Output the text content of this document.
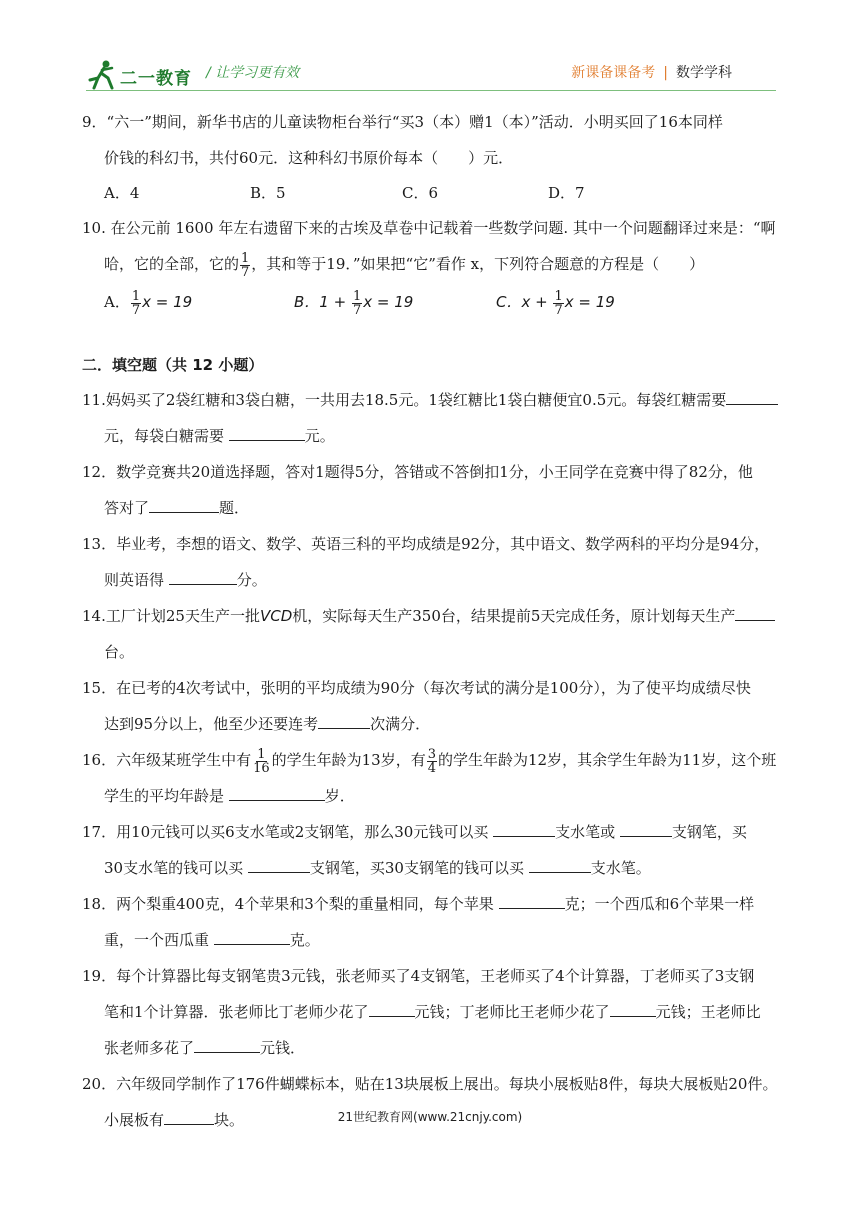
二一教育 / 让学习更有效	新课备课备考 | 数学学科
9．“六一”期间，新华书店的儿童读物柜台举行“买3（本）赠1（本）”活动．小明买回了16本同样
价钱的科幻书，共付60元．这种科幻书原价每本（　　）元．
A．4	B．5	C．6	D．7
10. 在公元前 1600 年左右遗留下来的古埃及草卷中记载着一些数学问题. 其中一个问题翻译过来是：“啊
哈，它的全部，它的 $\frac{1}{7}$ ，其和等于19．”如果把“它”看作 x，下列符合题意的方程是（　　）
A． $\frac{1}{7}$ x = 19	B．$1 + \frac{1}{7}$ x = 19	C．$x + \frac{1}{7}$ x = 19
二．填空题（共 12 小题）
11.妈妈买了2袋红糖和3袋白糖，一共用去18.5元。1袋红糖比1袋白糖便宜0.5元。每袋红糖需要
元，每袋白糖需要	元。
12．数学竞赛共20道选择题，答对1题得5分，答错或不答倒扣1分，小王同学在竞赛中得了82分，他
答对了	题．
13．毕业考，李想的语文、数学、英语三科的平均成绩是92分，其中语文、数学两科的平均分是94分，
则英语得	分。
14.工厂计划25天生产一批VCD机，实际每天生产350台，结果提前5天完成任务，原计划每天生产
台。
15．在已考的4次考试中，张明的平均成绩为90分（每次考试的满分是100分），为了使平均成绩尽快
达到95分以上，他至少还要连考	次满分．
16．六年级某班学生中有 $\frac{1}{16}$ 的学生年龄为13岁，有 $\frac{3}{4}$ 的学生年龄为12岁，其余学生年龄为11岁，这个班
学生的平均年龄是	岁．
17．用10元钱可以买6支水笔或2支钢笔，那么30元钱可以买	支水笔或	支钢笔，买
30支水笔的钱可以买	支钢笔，买30支钢笔的钱可以买	支水笔。
18．两个梨重400克，4个苹果和3个梨的重量相同，每个苹果	克；一个西瓜和6个苹果一样
重，一个西瓜重	克。
19．每个计算器比每支钢笔贵3元钱，张老师买了4支钢笔，王老师买了4个计算器，丁老师买了3支钢
笔和1个计算器．张老师比丁老师少花了	元钱；丁老师比王老师少花了	元钱；王老师比
张老师多花了	元钱．
20．六年级同学制作了176件蝴蝶标本，贴在13块展板上展出。每块小展板贴8件，每块大展板贴20件。
小展板有	块。	21世纪教育网(www.21cnjy.com)
